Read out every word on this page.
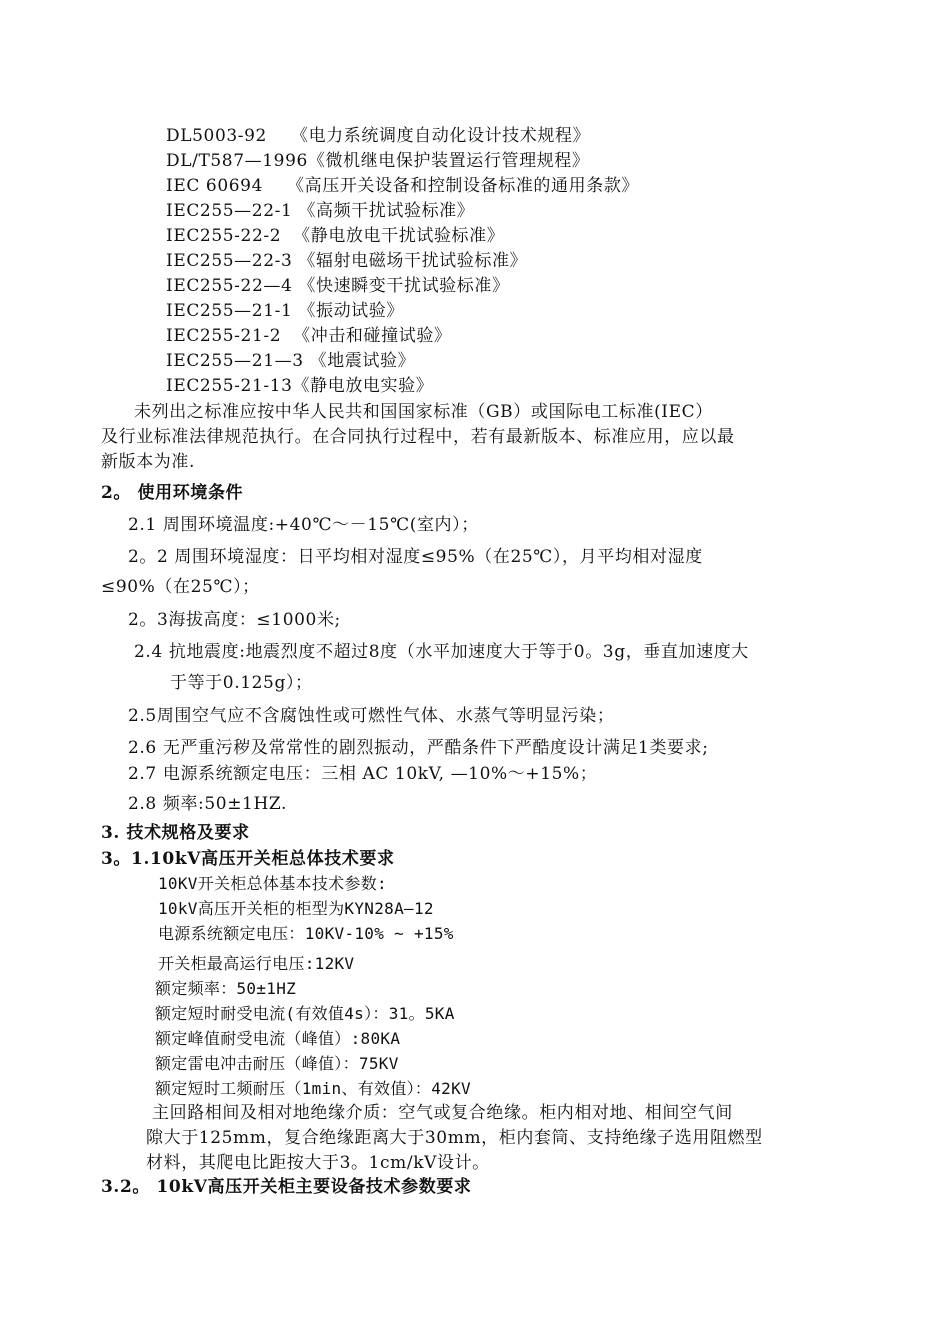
DL5003-92    《电力系统调度自动化设计技术规程》
DL/T587—1996《微机继电保护装置运行管理规程》
IEC 60694    《高压开关设备和控制设备标准的通用条款》
IEC255—22-1 《高频干扰试验标准》
IEC255-22-2  《静电放电干扰试验标准》
IEC255—22-3 《辐射电磁场干扰试验标准》
IEC255-22—4 《快速瞬变干扰试验标准》
IEC255—21-1 《振动试验》
IEC255-21-2  《冲击和碰撞试验》
IEC255—21—3 《地震试验》
IEC255-21-13《静电放电实验》
未列出之标准应按中华人民共和国国家标准（GB）或国际电工标准(IEC）
及行业标准法律规范执行。在合同执行过程中，若有最新版本、标准应用，应以最
新版本为准.
2。 使用环境条件
2.1 周围环境温度:+40℃～－15℃(室内）；
2。2 周围环境湿度：日平均相对湿度≤95%（在25℃），月平均相对湿度
≤90%（在25℃）；
2。3海拔高度：≤1000米;
2.4 抗地震度:地震烈度不超过8度（水平加速度大于等于0。3g，垂直加速度大
于等于0.125g）；
2.5周围空气应不含腐蚀性或可燃性气体、水蒸气等明显污染；
2.6 无严重污秽及常常性的剧烈振动，严酷条件下严酷度设计满足1类要求;
2.7 电源系统额定电压：三相 AC 10kV, —10%～+15%；
2.8 频率:50±1HZ.
3. 技术规格及要求
3。1.10kV高压开关柜总体技术要求
10KV开关柜总体基本技术参数:
10kV高压开关柜的柜型为KYN28A—12
电源系统额定电压：10KV-10% ~ +15%
开关柜最高运行电压:12KV
额定频率：50±1HZ
额定短时耐受电流(有效值4s）：31。5KA
额定峰值耐受电流（峰值）:80KA
额定雷电冲击耐压（峰值）：75KV
额定短时工频耐压（1min、有效值）：42KV
主回路相间及相对地绝缘介质：空气或复合绝缘。柜内相对地、相间空气间
隙大于125mm，复合绝缘距离大于30mm，柜内套筒、支持绝缘子选用阻燃型
材料，其爬电比距按大于3。1cm/kV设计。
3.2。 10kV高压开关柜主要设备技术参数要求
